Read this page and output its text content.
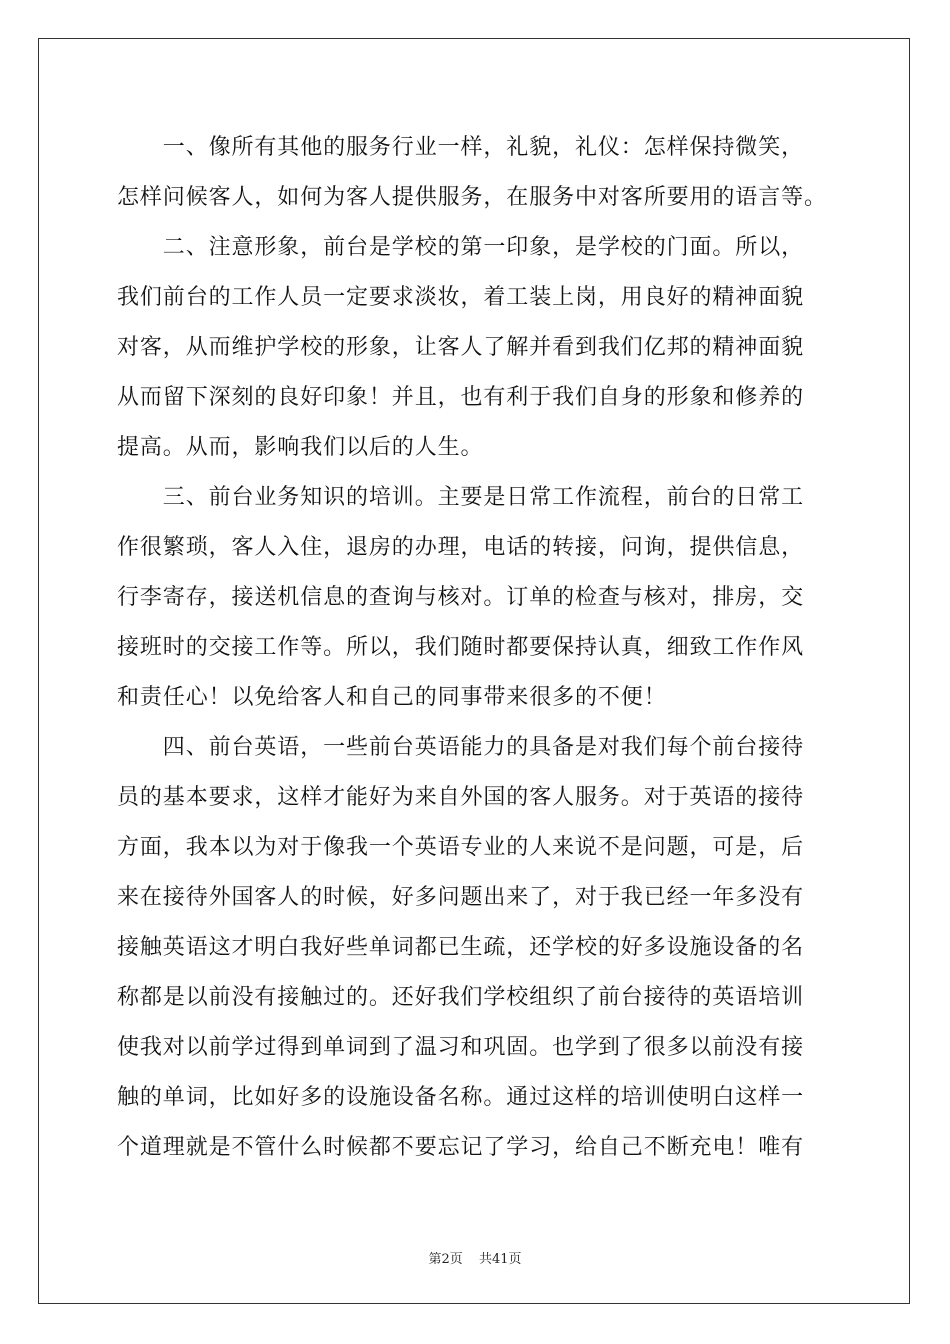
　　一、像所有其他的服务行业一样，礼貌，礼仪：怎样保持微笑，
怎样问候客人，如何为客人提供服务，在服务中对客所要用的语言等。
　　二、注意形象，前台是学校的第一印象，是学校的门面。所以，
我们前台的工作人员一定要求淡妆，着工装上岗，用良好的精神面貌
对客，从而维护学校的形象，让客人了解并看到我们亿邦的精神面貌
从而留下深刻的良好印象！并且，也有利于我们自身的形象和修养的
提高。从而，影响我们以后的人生。
　　三、前台业务知识的培训。主要是日常工作流程，前台的日常工
作很繁琐，客人入住，退房的办理，电话的转接，问询，提供信息，
行李寄存，接送机信息的查询与核对。订单的检查与核对，排房，交
接班时的交接工作等。所以，我们随时都要保持认真，细致工作作风
和责任心！以免给客人和自己的同事带来很多的不便！
　　四、前台英语，一些前台英语能力的具备是对我们每个前台接待
员的基本要求，这样才能好为来自外国的客人服务。对于英语的接待
方面，我本以为对于像我一个英语专业的人来说不是问题，可是，后
来在接待外国客人的时候，好多问题出来了，对于我已经一年多没有
接触英语这才明白我好些单词都已生疏，还学校的好多设施设备的名
称都是以前没有接触过的。还好我们学校组织了前台接待的英语培训
使我对以前学过得到单词到了温习和巩固。也学到了很多以前没有接
触的单词，比如好多的设施设备名称。通过这样的培训使明白这样一
个道理就是不管什么时候都不要忘记了学习，给自己不断充电！唯有
第2页 共41页
